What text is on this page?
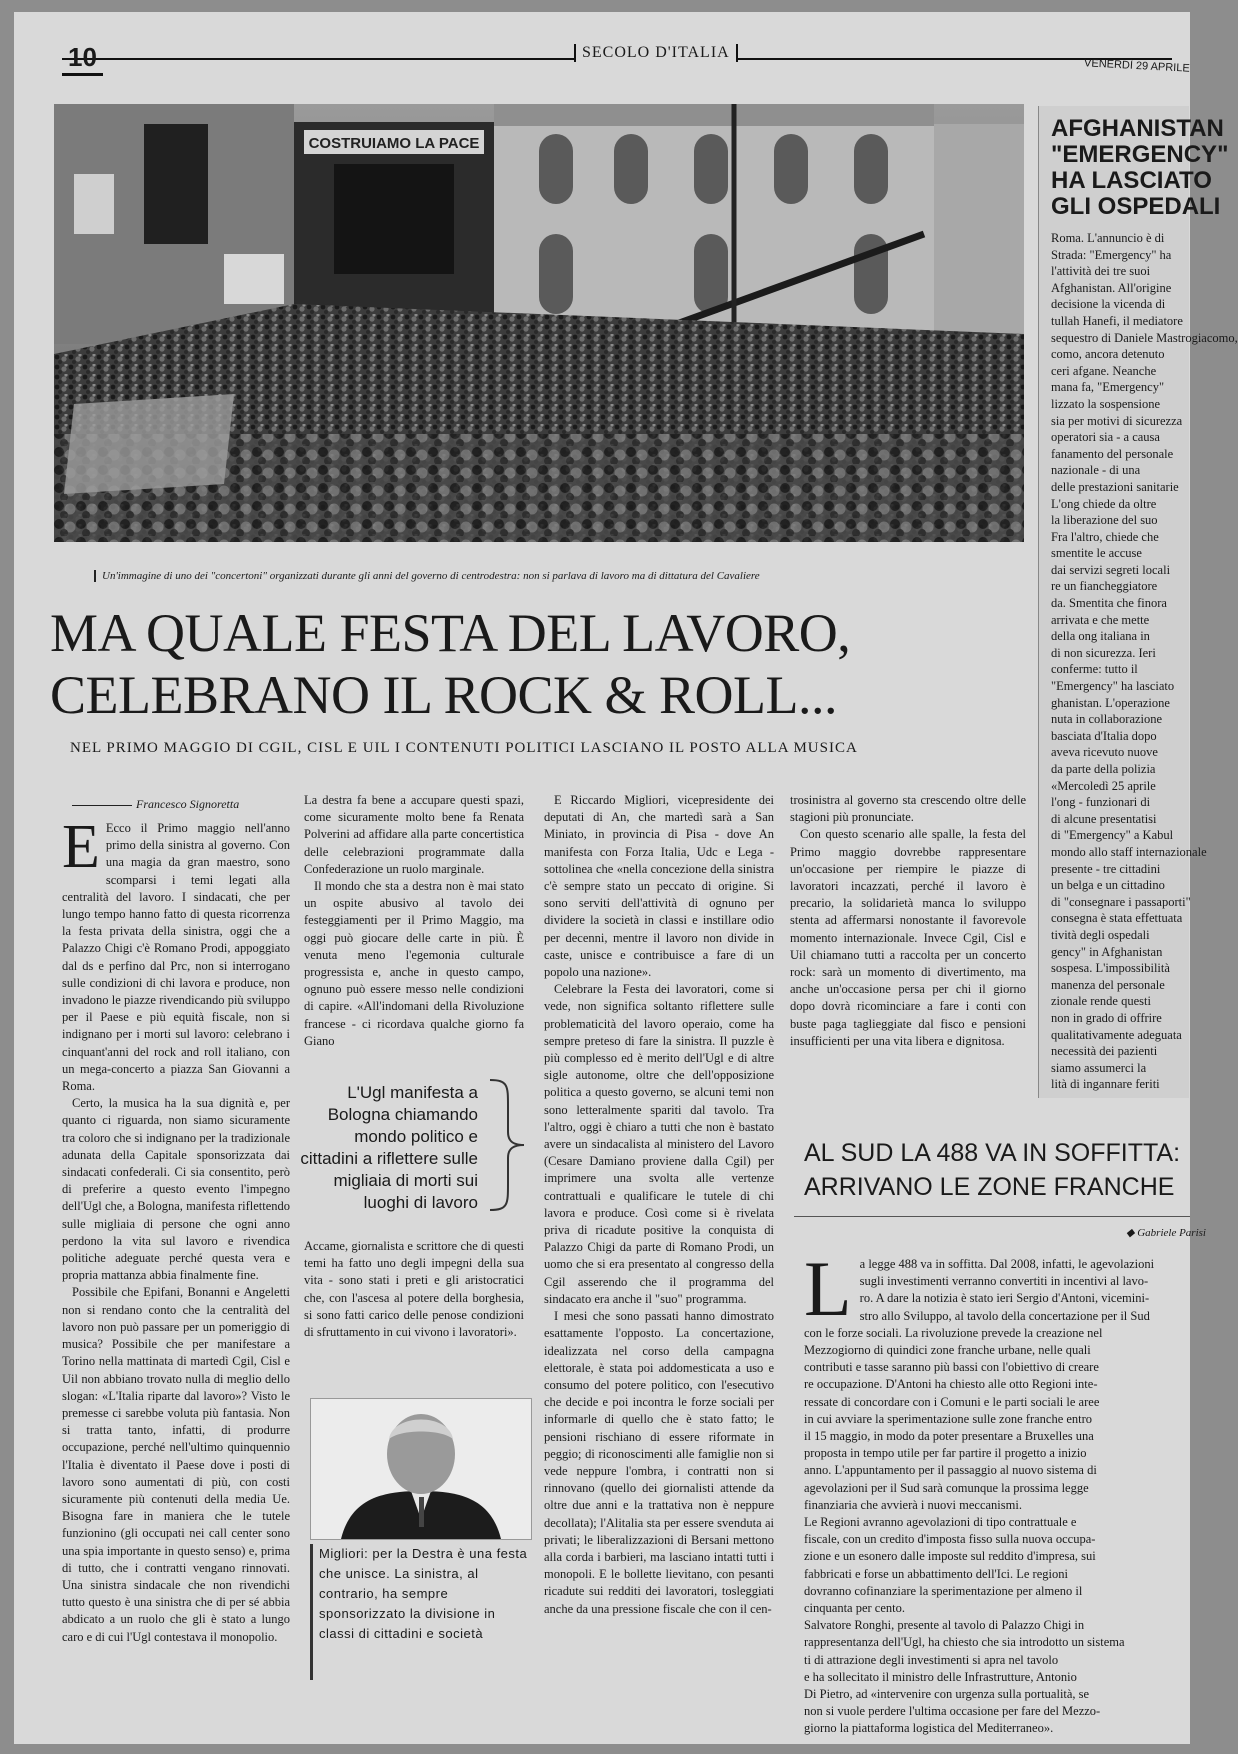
10	SECOLO D'ITALIA
VENERDÌ 29 APRILE
COSTRUIAMO LA PACE
Un'immagine di uno dei "concertoni" organizzati durante gli anni del governo di centrodestra: non si parlava di lavoro ma di dittatura del Cavaliere
MA QUALE FESTA DEL LAVORO,
CELEBRANO IL ROCK & ROLL...
NEL PRIMO MAGGIO DI CGIL, CISL E UIL I CONTENUTI POLITICI LASCIANO IL POSTO ALLA MUSICA
Francesco Signoretta

E Ecco il Primo maggio nell'anno primo della sinistra al governo. Con una magia da gran maestro, sono scomparsi i temi legati alla centralità del lavoro. I sindacati, che per lungo tempo hanno fatto di questa ricorrenza la festa privata della sinistra, oggi che a Palazzo Chigi c'è Romano Prodi, appoggiato dal ds e perfino dal Prc, non si interrogano sulle condizioni di chi lavora e produce, non invadono le piazze rivendicando più sviluppo per il Paese e più equità fiscale, non si indignano per i morti sul lavoro: celebrano i cinquant'anni del rock and roll italiano, con un mega-concerto a piazza San Giovanni a Roma.

Certo, la musica ha la sua dignità e, per quanto ci riguarda, non siamo sicuramente tra coloro che si indignano per la tradizionale adunata della Capitale sponsorizzata dai sindacati confederali. Ci sia consentito, però di preferire a questo evento l'impegno dell'Ugl che, a Bologna, manifesta riflettendo sulle migliaia di persone che ogni anno perdono la vita sul lavoro e rivendica politiche adeguate perché questa vera e propria mattanza abbia finalmente fine.

Possibile che Epifani, Bonanni e Angeletti non si rendano conto che la centralità del lavoro non può passare per un pomeriggio di musica? Possibile che per manifestare a Torino nella mattinata di martedì Cgil, Cisl e Uil non abbiano trovato nulla di meglio dello slogan: «L'Italia riparte dal lavoro»? Visto le premesse ci sarebbe voluta più fantasia. Non si tratta tanto, infatti, di produrre occupazione, perché nell'ultimo quinquennio l'Italia è diventato il Paese dove i posti di lavoro sono aumentati di più, con costi sicuramente più contenuti della media Ue. Bisogna fare in maniera che le tutele funzionino (gli occupati nei call center sono una spia importante in questo senso) e, prima di tutto, che i contratti vengano rinnovati. Una sinistra sindacale che non rivendichi tutto questo è una sinistra che di per sé abbia abdicato a un ruolo che gli è stato a lungo caro e di cui l'Ugl contestava il monopolio.

La destra fa bene a accupare questi spazi, come sicuramente molto bene fa Renata Polverini ad affidare alla parte concertistica delle celebrazioni programmate dalla Confederazione un ruolo marginale.

Il mondo che sta a destra non è mai stato un ospite abusivo al tavolo dei festeggiamenti per il Primo Maggio, ma oggi può giocare delle carte in più. È venuta meno l'egemonia culturale progressista e, anche in questo campo, ognuno può essere messo nelle condizioni di capire. «All'indomani della Rivoluzione francese - ci ricordava qualche giorno fa Giano

L'Ugl manifesta a Bologna chiamando mondo politico e cittadini a riflettere sulle migliaia di morti sui luoghi di lavoro

Accame, giornalista e scrittore che di questi temi ha fatto uno degli impegni della sua vita - sono stati i preti e gli aristocratici che, con l'ascesa al potere della borghesia, si sono fatti carico delle penose condizioni di sfruttamento in cui vivono i lavoratori».

Migliori: per la Destra è una festa che unisce. La sinistra, al contrario, ha sempre sponsorizzato la divisione in classi di cittadini e società

E Riccardo Migliori, vicepresidente dei deputati di An, che martedì sarà a San Miniato, in provincia di Pisa - dove An manifesta con Forza Italia, Udc e Lega - sottolinea che «nella concezione della sinistra c'è sempre stato un peccato di origine. Si sono serviti dell'attività di ognuno per dividere la società in classi e instillare odio per decenni, mentre il lavoro non divide in caste, unisce e contribuisce a fare di un popolo una nazione».

Celebrare la Festa dei lavoratori, come si vede, non significa soltanto riflettere sulle problematicità del lavoro operaio, come ha sempre preteso di fare la sinistra. Il puzzle è più complesso ed è merito dell'Ugl e di altre sigle autonome, oltre che dell'opposizione politica a questo governo, se alcuni temi non sono letteralmente spariti dal tavolo. Tra l'altro, oggi è chiaro a tutti che non è bastato avere un sindacalista al ministero del Lavoro (Cesare Damiano proviene dalla Cgil) per imprimere una svolta alle vertenze contrattuali e qualificare le tutele di chi lavora e produce. Così come si è rivelata priva di ricadute positive la conquista di Palazzo Chigi da parte di Romano Prodi, un uomo che si era presentato al congresso della Cgil asserendo che il programma del sindacato era anche il "suo" programma.

I mesi che sono passati hanno dimostrato esattamente l'opposto. La concertazione, idealizzata nel corso della campagna elettorale, è stata poi addomesticata a uso e consumo del potere politico, con l'esecutivo che decide e poi incontra le forze sociali per informarle di quello che è stato fatto; le pensioni rischiano di essere riformate in peggio; di riconoscimenti alle famiglie non si vede neppure l'ombra, i contratti non si rinnovano (quello dei giornalisti attende da oltre due anni e la trattativa non è neppure decollata); l'Alitalia sta per essere svenduta ai privati; le liberalizzazioni di Bersani mettono alla corda i barbieri, ma lasciano intatti tutti i monopoli. E le bollette lievitano, con pesanti ricadute sui redditi dei lavoratori, tosleggiati anche da una pressione fiscale che con il cen-

trosinistra al governo sta crescendo oltre delle stagioni più pronunciate.

Con questo scenario alle spalle, la festa del Primo maggio dovrebbe rappresentare un'occasione per riempire le piazze di lavoratori incazzati, perché il lavoro è precario, la solidarietà manca lo sviluppo stenta ad affermarsi nonostante il favorevole momento internazionale. Invece Cgil, Cisl e Uil chiamano tutti a raccolta per un concerto rock: sarà un momento di divertimento, ma anche un'occasione persa per chi il giorno dopo dovrà ricominciare a fare i conti con buste paga taglieggiate dal fisco e pensioni insufficienti per una vita libera e dignitosa.

AFGHANISTAN
"EMERGENCY"
HA LASCIATO
GLI OSPEDALI
Roma. L'annuncio è di
Strada: "Emergency" ha
l'attività dei tre suoi
Afghanistan. All'origine
decisione la vicenda di
tullah Hanefi, il mediatore
sequestro di Daniele Mastrogiacomo,
como, ancora detenuto
ceri afgane. Neanche
mana fa, "Emergency"
lizzato la sospensione
sia per motivi di sicurezza
operatori sia - a causa
fanamento del personale
nazionale - di una
delle prestazioni sanitarie
L'ong chiede da oltre
la liberazione del suo
Fra l'altro, chiede che
smentite le accuse
dai servizi segreti locali
re un fiancheggiatore
da. Smentita che finora
arrivata e che mette
della ong italiana in
di non sicurezza. Ieri
conferme: tutto il
"Emergency" ha lasciato
ghanistan. L'operazione
nuta in collaborazione
basciata d'Italia dopo
aveva ricevuto nuove
da parte della polizia
«Mercoledì 25 aprile
l'ong - funzionari di
di alcune presentatisi
di "Emergency" a Kabul
mondo allo staff internazionale
presente - tre cittadini
un belga e un cittadino
di "consegnare i passaporti"
consegna è stata effettuata
tività degli ospedali
gency" in Afghanistan
sospesa. L'impossibilità
manenza del personale
zionale rende questi
non in grado di offrire
qualitativamente adeguata
necessità dei pazienti
siamo assumerci la
lità di ingannare feriti
AL SUD LA 488 VA IN SOFFITTA:
ARRIVANO LE ZONE FRANCHE
◆ Gabriele Parisi
L a legge 488 va in soffitta. Dal 2008, infatti, le agevolazioni
sugli investimenti verranno convertiti in incentivi al lavo-
ro. A dare la notizia è stato ieri Sergio d'Antoni, vicemini-
stro allo Sviluppo, al tavolo della concertazione per il Sud
con le forze sociali. La rivoluzione prevede la creazione nel
Mezzogiorno di quindici zone franche urbane, nelle quali
contributi e tasse saranno più bassi con l'obiettivo di creare
re occupazione. D'Antoni ha chiesto alle otto Regioni inte-
ressate di concordare con i Comuni e le parti sociali le aree
in cui avviare la sperimentazione sulle zone franche entro
il 15 maggio, in modo da poter presentare a Bruxelles una
proposta in tempo utile per far partire il progetto a inizio
anno. L'appuntamento per il passaggio al nuovo sistema di
agevolazioni per il Sud sarà comunque la prossima legge
finanziaria che avvierà i nuovi meccanismi.
Le Regioni avranno agevolazioni di tipo contrattuale e
fiscale, con un credito d'imposta fisso sulla nuova occupa-
zione e un esonero dalle imposte sul reddito d'impresa, sui
fabbricati e forse un abbattimento dell'Ici. Le regioni
dovranno cofinanziare la sperimentazione per almeno il
cinquanta per cento.
Salvatore Ronghi, presente al tavolo di Palazzo Chigi in
rappresentanza dell'Ugl, ha chiesto che sia introdotto un sistema
ti di attrazione degli investimenti si apra nel tavolo
e ha sollecitato il ministro delle Infrastrutture, Antonio
Di Pietro, ad «intervenire con urgenza sulla portualità, se
non si vuole perdere l'ultima occasione per fare del Mezzo-
giorno la piattaforma logistica del Mediterraneo».
